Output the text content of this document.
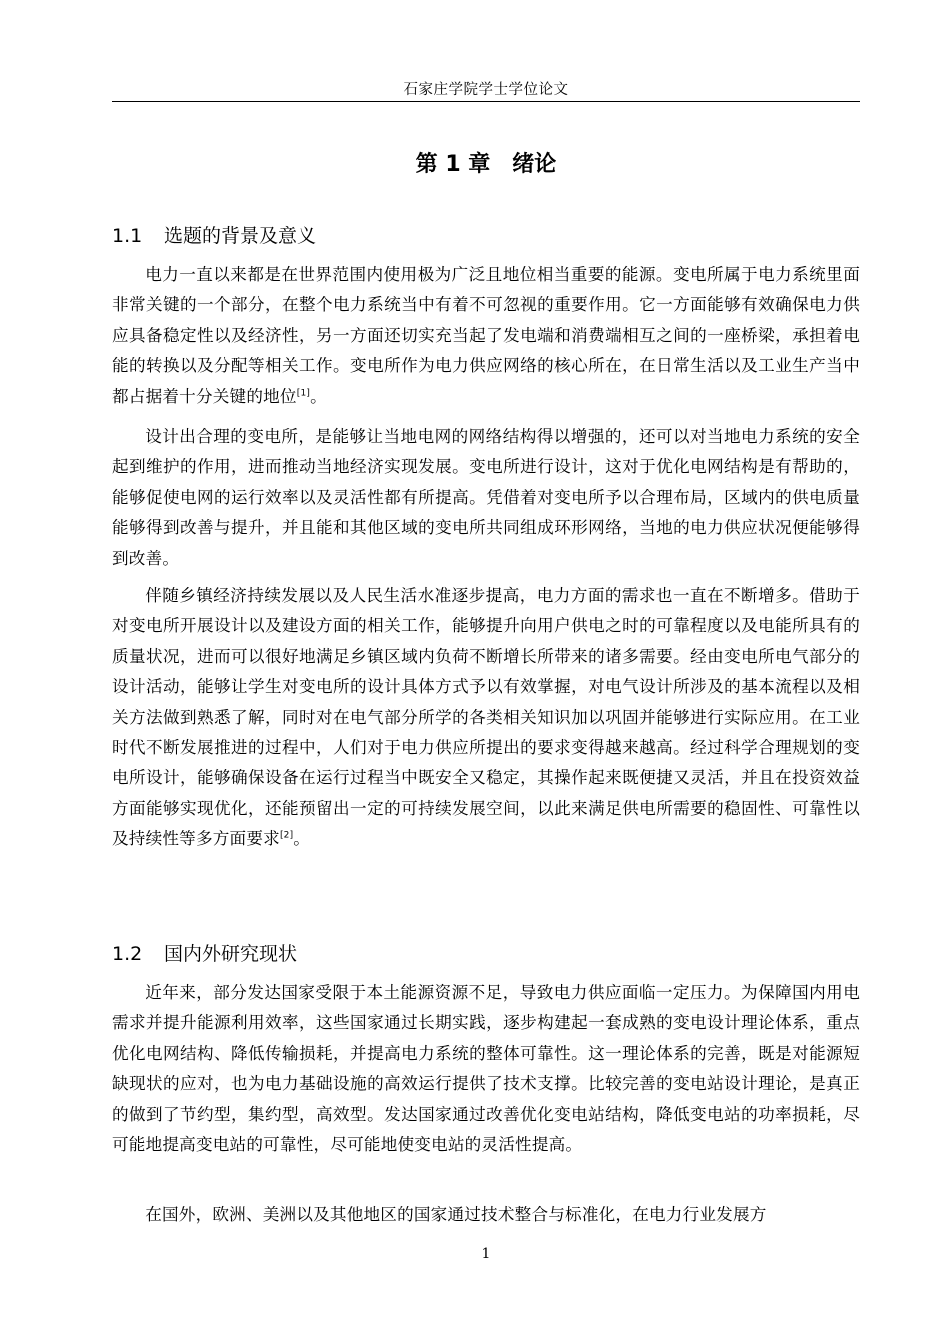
石家庄学院学士学位论文
第 1 章　绪论
1.1 选题的背景及意义

电力一直以来都是在世界范围内使用极为广泛且地位相当重要的能源。变电所属于电力系统里面非常关键的一个部分，在整个电力系统当中有着不可忽视的重要作用。它一方面能够有效确保电力供应具备稳定性以及经济性，另一方面还切实充当起了发电端和消费端相互之间的一座桥梁，承担着电能的转换以及分配等相关工作。变电所作为电力供应网络的核心所在，在日常生活以及工业生产当中都占据着十分关键的地位[1]。

设计出合理的变电所，是能够让当地电网的网络结构得以增强的，还可以对当地电力系统的安全起到维护的作用，进而推动当地经济实现发展。变电所进行设计，这对于优化电网结构是有帮助的，能够促使电网的运行效率以及灵活性都有所提高。凭借着对变电所予以合理布局，区域内的供电质量能够得到改善与提升，并且能和其他区域的变电所共同组成环形网络，当地的电力供应状况便能够得到改善。

伴随乡镇经济持续发展以及人民生活水准逐步提高，电力方面的需求也一直在不断增多。借助于对变电所开展设计以及建设方面的相关工作，能够提升向用户供电之时的可靠程度以及电能所具有的质量状况，进而可以很好地满足乡镇区域内负荷不断增长所带来的诸多需要。经由变电所电气部分的设计活动，能够让学生对变电所的设计具体方式予以有效掌握，对电气设计所涉及的基本流程以及相关方法做到熟悉了解，同时对在电气部分所学的各类相关知识加以巩固并能够进行实际应用。在工业时代不断发展推进的过程中，人们对于电力供应所提出的要求变得越来越高。经过科学合理规划的变电所设计，能够确保设备在运行过程当中既安全又稳定，其操作起来既便捷又灵活，并且在投资效益方面能够实现优化，还能预留出一定的可持续发展空间，以此来满足供电所需要的稳固性、可靠性以及持续性等多方面要求[2]。

1.2 国内外研究现状

近年来，部分发达国家受限于本土能源资源不足，导致电力供应面临一定压力。为保障国内用电需求并提升能源利用效率，这些国家通过长期实践，逐步构建起一套成熟的变电设计理论体系，重点优化电网结构、降低传输损耗，并提高电力系统的整体可靠性。这一理论体系的完善，既是对能源短缺现状的应对，也为电力基础设施的高效运行提供了技术支撑。比较完善的变电站设计理论，是真正的做到了节约型，集约型，高效型。发达国家通过改善优化变电站结构，降低变电站的功率损耗，尽可能地提高变电站的可靠性，尽可能地使变电站的灵活性提高。

在国外，欧洲、美洲以及其他地区的国家通过技术整合与标准化，在电力行业发展方

1
